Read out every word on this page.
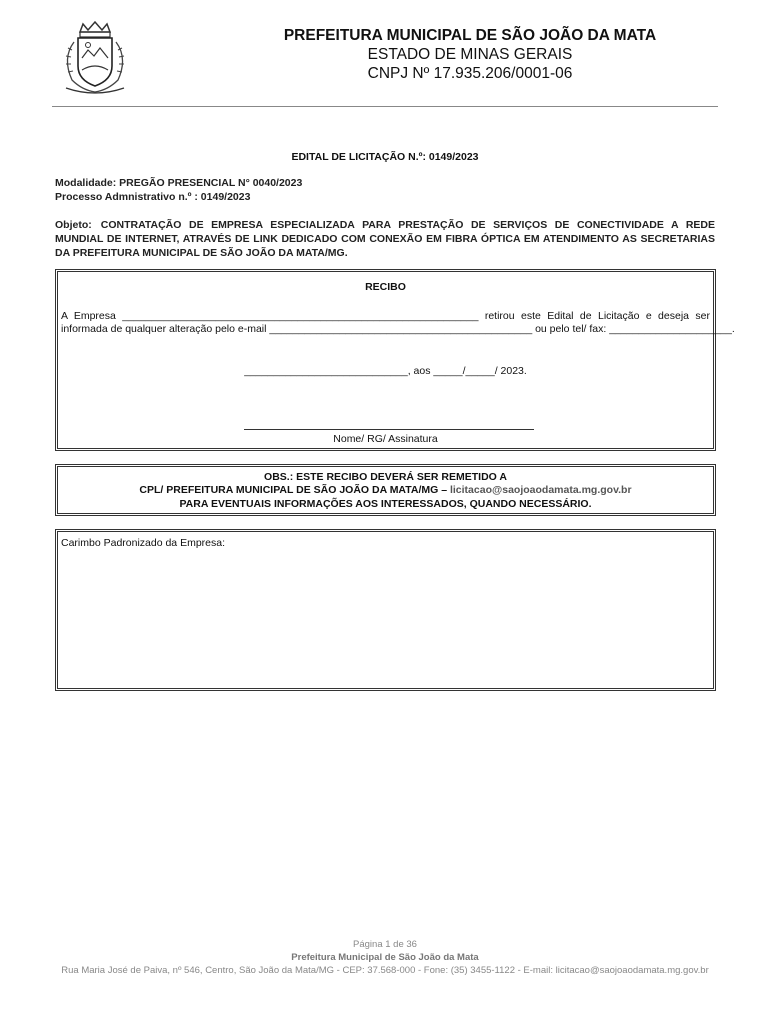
PREFEITURA MUNICIPAL DE SÃO JOÃO DA MATA
ESTADO DE MINAS GERAIS
CNPJ Nº 17.935.206/0001-06
EDITAL DE LICITAÇÃO N.º: 0149/2023
Modalidade: PREGÃO PRESENCIAL N° 0040/2023
Processo Admnistrativo n.º : 0149/2023
Objeto: CONTRATAÇÃO DE EMPRESA ESPECIALIZADA PARA PRESTAÇÃO DE SERVIÇOS DE CONECTIVIDADE A REDE MUNDIAL DE INTERNET, ATRAVÉS DE LINK DEDICADO COM CONEXÃO EM FIBRA ÓPTICA EM ATENDIMENTO AS SECRETARIAS DA PREFEITURA MUNICIPAL DE SÃO JOÃO DA MATA/MG.
RECIBO
A Empresa _____________________________________________________________ retirou este Edital de Licitação e deseja ser
informada de qualquer alteração pelo e-mail _____________________________________________ ou pelo tel/ fax: _____________________.
____________________________, aos _____/_____/ 2023.
Nome/ RG/ Assinatura
OBS.: ESTE RECIBO DEVERÁ SER REMETIDO A
CPL/ PREFEITURA MUNICIPAL DE SÃO JOÃO DA MATA/MG – licitacao@saojoaodamata.mg.gov.br
PARA EVENTUAIS INFORMAÇÕES AOS INTERESSADOS, QUANDO NECESSÁRIO.
Carimbo Padronizado da Empresa:
Página 1 de 36
Prefeitura Municipal de São João da Mata
Rua Maria José de Paiva, nº 546, Centro, São João da Mata/MG - CEP: 37.568-000 - Fone: (35) 3455-1122 - E-mail: licitacao@saojoaodamata.mg.gov.br
